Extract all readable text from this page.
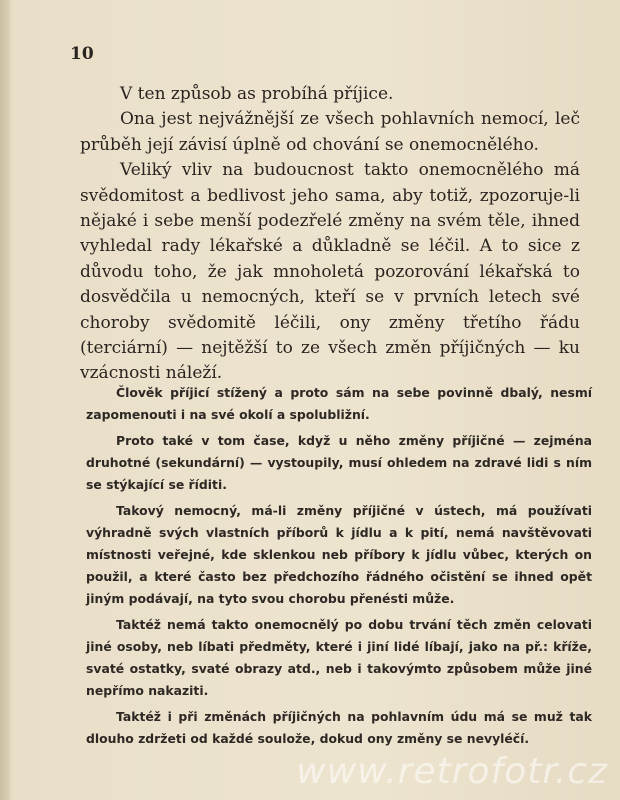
10

V ten způsob as probíhá příjice.

Ona jest nejvážnější ze všech pohlavních nemocí, leč průběh její závisí úplně od chování se onemocnělého.

Veliký vliv na budoucnost takto onemocnělého má svědomitost a bedlivost jeho sama, aby totiž, zpozoruje-li nějaké i sebe menší podezřelé změny na svém těle, ihned vyhledal rady lékařské a důkladně se léčil. A to sice z důvodu toho, že jak mnoholetá pozorování lékařská to dosvědčila u nemocných, kteří se v prvních letech své choroby svědomitě léčili, ony změny třetího řádu (terciární) — nejtěžší to ze všech změn příjičných — ku vzácnosti náleží.

Člověk příjicí stížený a proto sám na sebe povinně dbalý, nesmí zapomenouti i na své okolí a spolubližní.

Proto také v tom čase, když u něho změny příjičné — zejména druhotné (sekundární) — vystoupily, musí ohledem na zdravé lidi s ním se stýkající se říditi.

Takový nemocný, má-li změny příjičné v ústech, má používati výhradně svých vlastních příborů k jídlu a k pití, nemá navštěvovati místnosti veřejné, kde sklenkou neb příbory k jídlu vůbec, kterých on použil, a které často bez předchozího řádného očistění se ihned opět jiným podávají, na tyto svou chorobu přenésti může.

Taktéž nemá takto onemocnělý po dobu trvání těch změn celovati jiné osoby, neb líbati předměty, které i jiní lidé líbají, jako na př.: kříže, svaté ostatky, svaté obrazy atd., neb i takovýmto způsobem může jiné nepřímo nakaziti.

Taktéž i při změnách příjičných na pohlavním údu má se muž tak dlouho zdržeti od každé soulože, dokud ony změny se nevyléčí.

www.retrofotr.cz
